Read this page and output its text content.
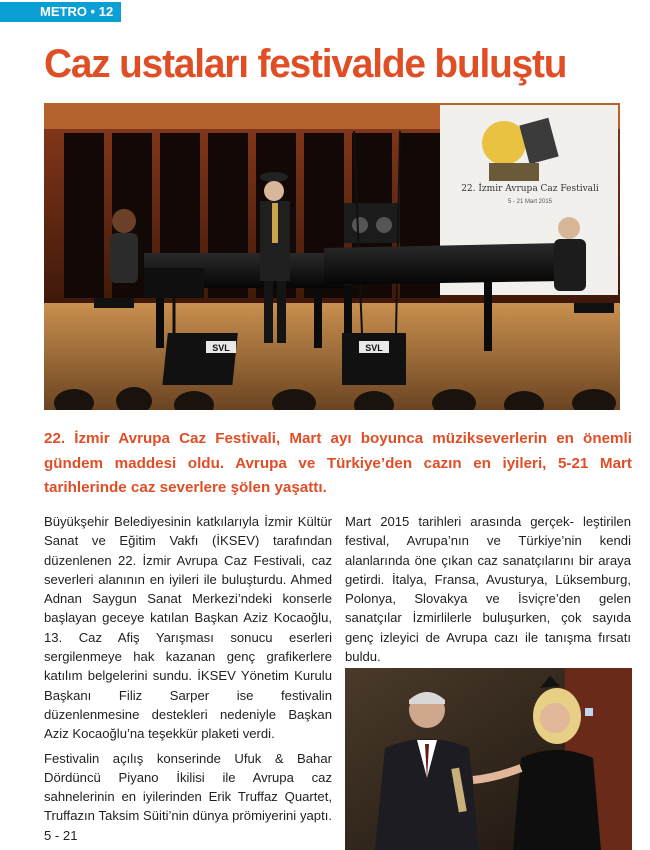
METRO • 12
Caz ustaları festivalde buluştu
22. İzmir Avrupa Caz Festivali
5 - 21 Mart 2015
SVL	SVL

22. İzmir Avrupa Caz Festivali, Mart ayı boyunca müzikseverlerin en önemli gündem maddesi oldu. Avrupa ve Türkiye’den cazın en iyileri, 5-21 Mart tarihlerinde caz severlere şölen yaşattı.

Büyükşehir Belediyesinin katkılarıyla İzmir Kültür Sanat ve Eğitim Vakfı (İKSEV) tarafından düzenlenen 22. İzmir Avrupa Caz Festivali, caz severleri alanının en iyileri ile buluşturdu. Ahmed Adnan Saygun Sanat Merkezi’ndeki konserle başlayan geceye katılan Başkan Aziz Kocaoğlu, 13. Caz Afiş Yarışması sonucu eserleri sergilenmeye hak kazanan genç grafikerlere katılım belgelerini sundu. İKSEV Yönetim Kurulu Başkanı Filiz Sarper ise festivalin düzenlenmesine destekleri nedeniyle Başkan Aziz Kocaoğlu’na teşekkür plaketi verdi.

Festivalin açılış konserinde Ufuk & Bahar Dördüncü Piyano İkilisi ile Avrupa caz sahnelerinin en iyilerinden Erik Truffaz Quartet, Truffazın Taksim Süiti’nin dünya prömiyerini yaptı. 5 - 21

Mart 2015 tarihleri arasında gerçek- leştirilen festival, Avrupa’nın ve Türkiye’nin kendi alanlarında öne çıkan caz sanatçılarını bir araya getirdi. İtalya, Fransa, Avusturya, Lüksemburg, Polonya, Slovakya ve İsviçre’den gelen sanatçılar İzmirlilerle buluşurken, çok sayıda genç izleyici de Avrupa cazı ile tanışma fırsatı buldu.
